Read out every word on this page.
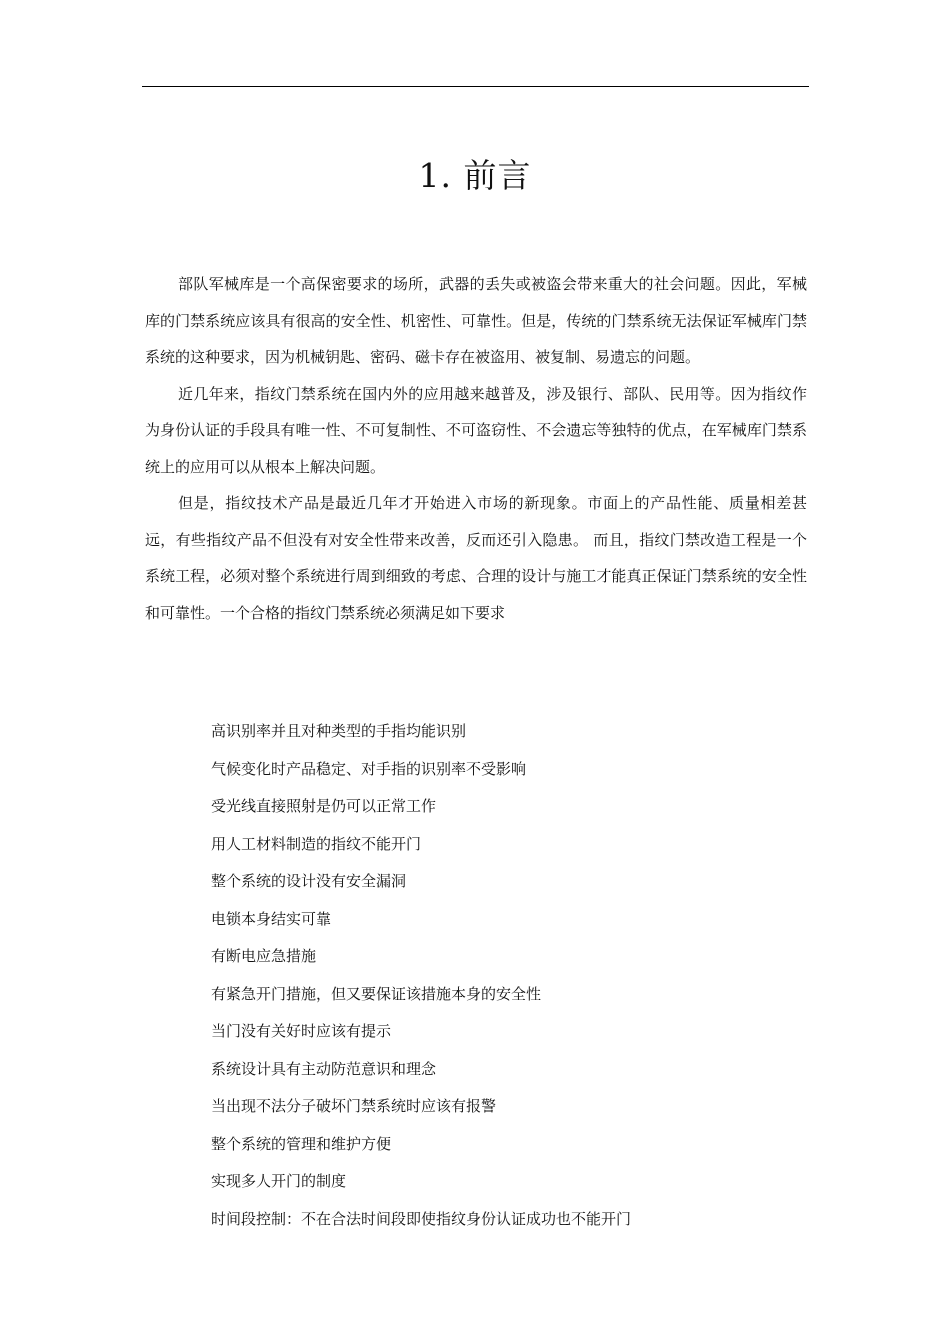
1. 前言

部队军械库是一个高保密要求的场所，武器的丢失或被盗会带来重大的社会问题。因此，军械库的门禁系统应该具有很高的安全性、机密性、可靠性。但是，传统的门禁系统无法保证军械库门禁系统的这种要求，因为机械钥匙、密码、磁卡存在被盗用、被复制、易遗忘的问题。

近几年来，指纹门禁系统在国内外的应用越来越普及，涉及银行、部队、民用等。因为指纹作为身份认证的手段具有唯一性、不可复制性、不可盗窃性、不会遗忘等独特的优点，在军械库门禁系统上的应用可以从根本上解决问题。

但是，指纹技术产品是最近几年才开始进入市场的新现象。市面上的产品性能、质量相差甚远，有些指纹产品不但没有对安全性带来改善，反而还引入隐患。 而且，指纹门禁改造工程是一个系统工程，必须对整个系统进行周到细致的考虑、合理的设计与施工才能真正保证门禁系统的安全性和可靠性。一个合格的指纹门禁系统必须满足如下要求

高识别率并且对种类型的手指均能识别
气候变化时产品稳定、对手指的识别率不受影响
受光线直接照射是仍可以正常工作
用人工材料制造的指纹不能开门
整个系统的设计没有安全漏洞
电锁本身结实可靠
有断电应急措施
有紧急开门措施，但又要保证该措施本身的安全性
当门没有关好时应该有提示
系统设计具有主动防范意识和理念
当出现不法分子破坏门禁系统时应该有报警
整个系统的管理和维护方便
实现多人开门的制度
时间段控制：不在合法时间段即使指纹身份认证成功也不能开门
